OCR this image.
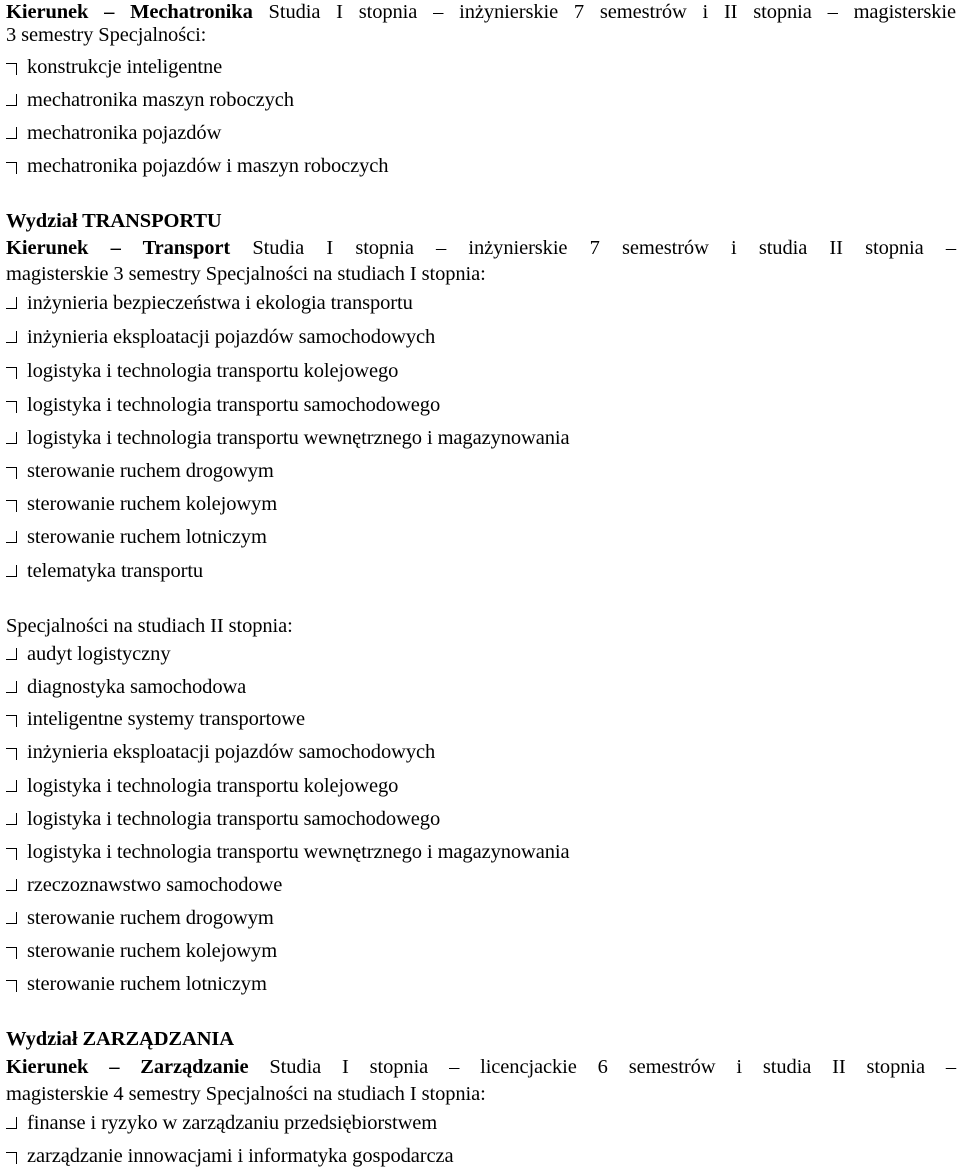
Kierunek – Mechatronika Studia I stopnia – inżynierskie 7 semestrów i II stopnia – magisterskie
3 semestry Specjalności:
konstrukcje inteligentne
mechatronika maszyn roboczych
mechatronika pojazdów
mechatronika pojazdów i maszyn roboczych
Wydział TRANSPORTU
Kierunek – Transport Studia I stopnia – inżynierskie 7 semestrów i studia II stopnia –
magisterskie 3 semestry Specjalności na studiach I stopnia:
inżynieria bezpieczeństwa i ekologia transportu
inżynieria eksploatacji pojazdów samochodowych
logistyka i technologia transportu kolejowego
logistyka i technologia transportu samochodowego
logistyka i technologia transportu wewnętrznego i magazynowania
sterowanie ruchem drogowym
sterowanie ruchem kolejowym
sterowanie ruchem lotniczym
telematyka transportu
Specjalności na studiach II stopnia:
audyt logistyczny
diagnostyka samochodowa
inteligentne systemy transportowe
inżynieria eksploatacji pojazdów samochodowych
logistyka i technologia transportu kolejowego
logistyka i technologia transportu samochodowego
logistyka i technologia transportu wewnętrznego i magazynowania
rzeczoznawstwo samochodowe
sterowanie ruchem drogowym
sterowanie ruchem kolejowym
sterowanie ruchem lotniczym
Wydział ZARZĄDZANIA
Kierunek – Zarządzanie Studia I stopnia – licencjackie 6 semestrów i studia II stopnia –
magisterskie 4 semestry Specjalności na studiach I stopnia:
finanse i ryzyko w zarządzaniu przedsiębiorstwem
zarządzanie innowacjami i informatyka gospodarcza
